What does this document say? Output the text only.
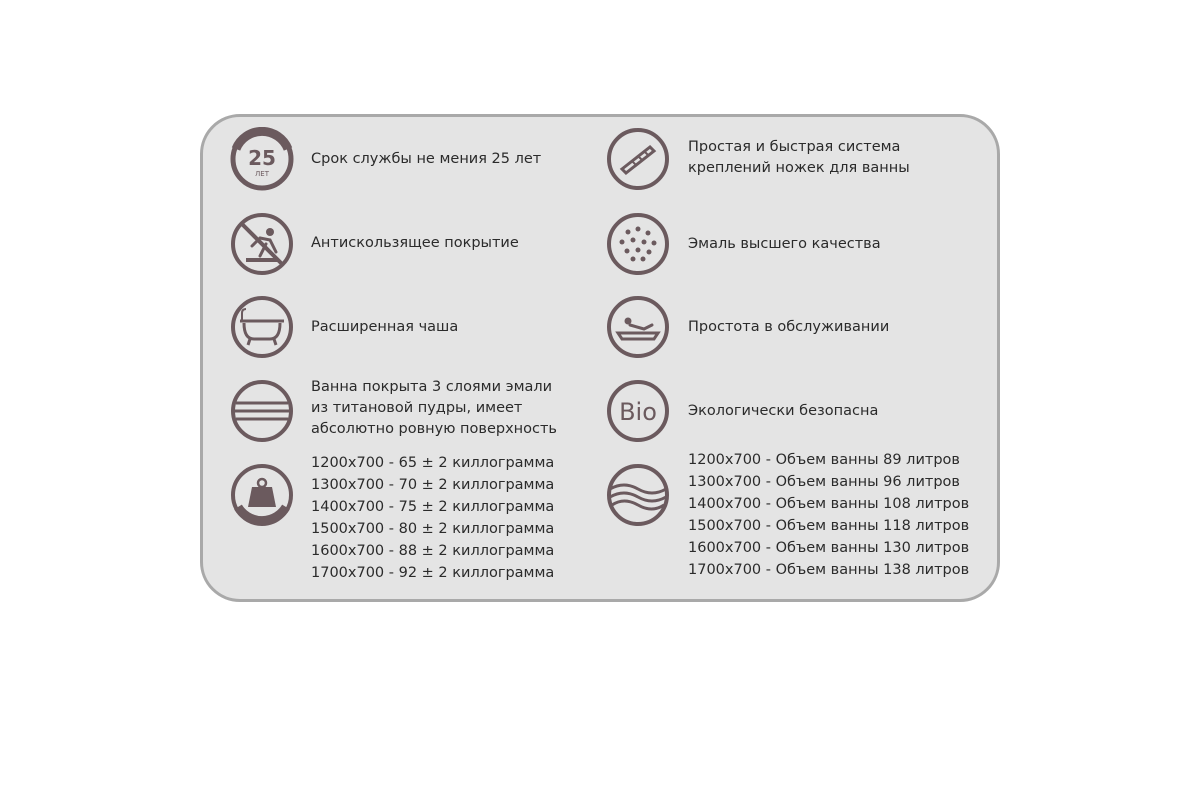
25
ЛЕТ
Срок службы не мения 25 лет
Антискользящее покрытие
Расширенная чаша
Ванна покрыта 3 слоями эмали
из титановой пудры, имеет
абсолютно ровную поверхность
1200х700 - 65 ± 2 киллограмма
1300х700 - 70 ± 2 киллограмма
1400х700 - 75 ± 2 киллограмма
1500х700 - 80 ± 2 киллограмма
1600х700 - 88 ± 2 киллограмма
1700х700 - 92 ± 2 киллограмма
Простая и быстрая система
креплений ножек для ванны
Эмаль высшего качества
Простота в обслуживании
Bio Экологически безопасна
1200х700 - Объем ванны 89 литров
1300х700 - Объем ванны 96 литров
1400х700 - Объем ванны 108 литров
1500х700 - Объем ванны 118 литров
1600х700 - Объем ванны 130 литров
1700х700 - Объем ванны 138 литров
